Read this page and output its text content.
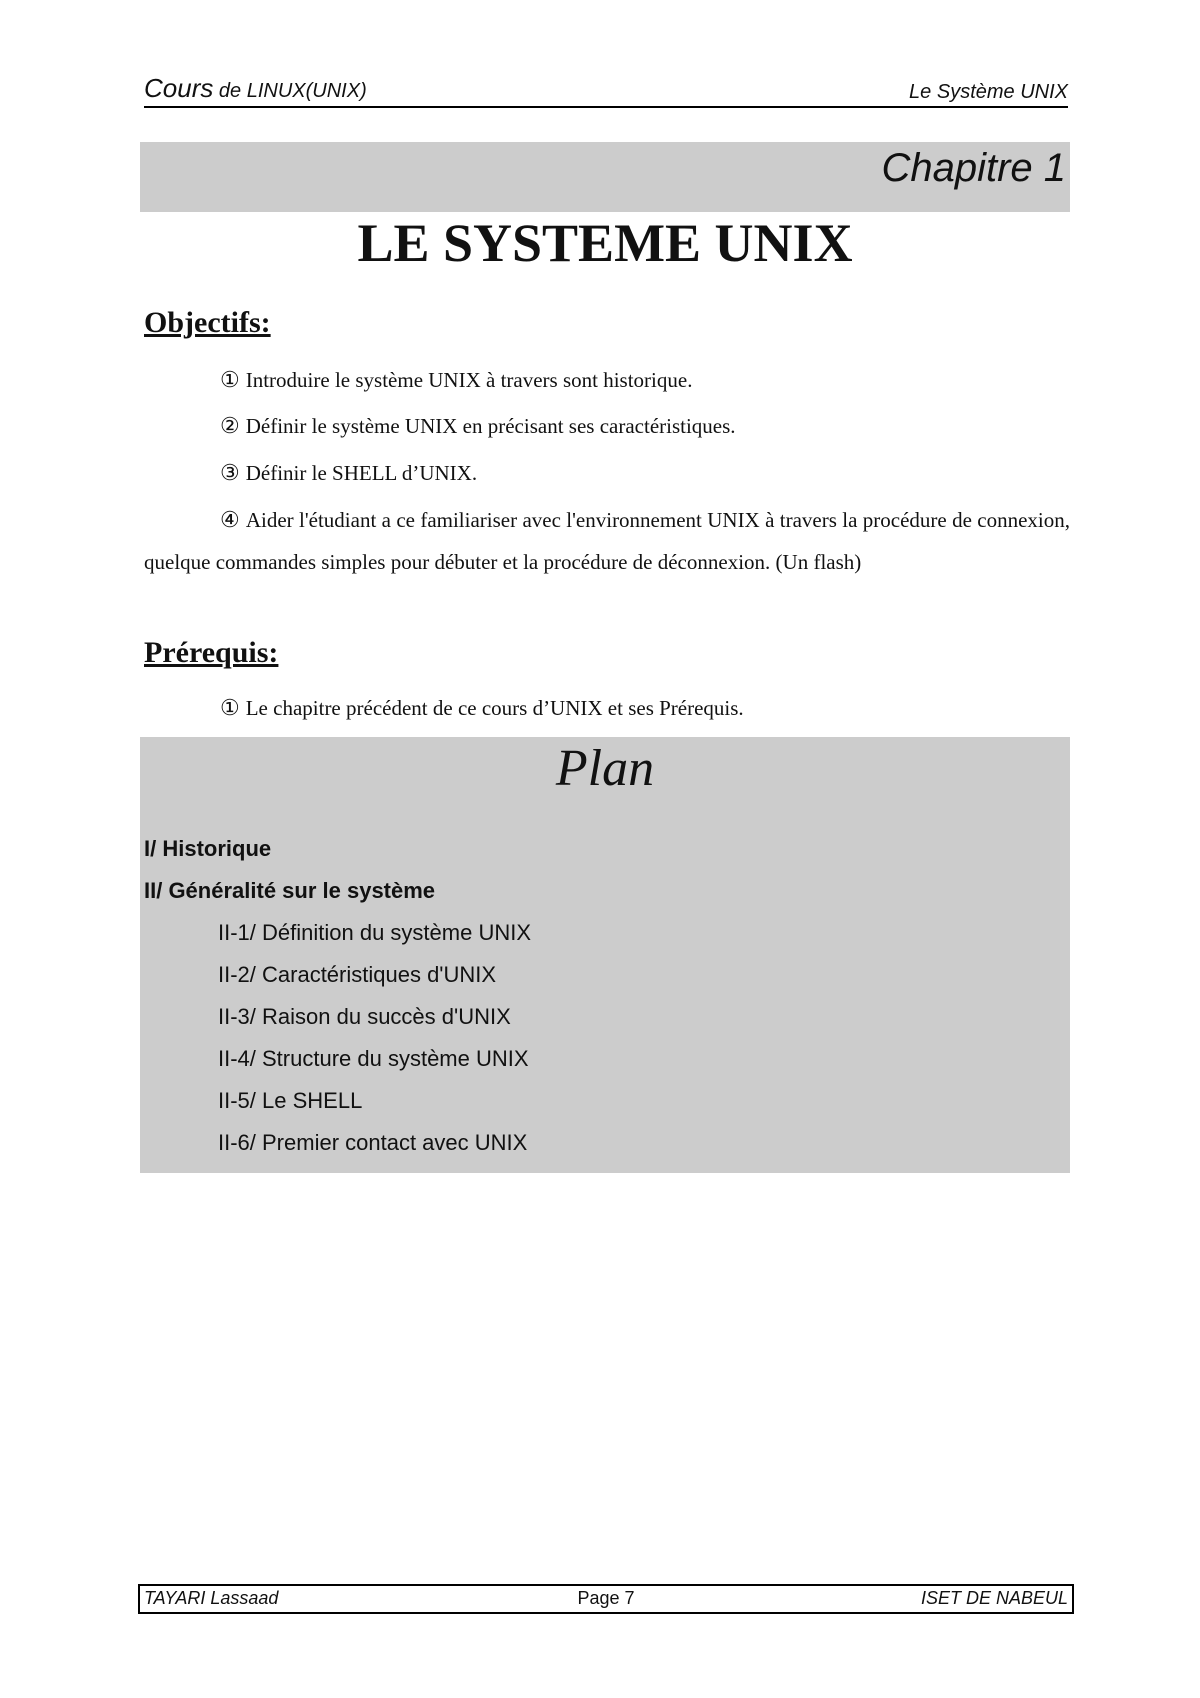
Cours de LINUX(UNIX)	Le Système UNIX
Chapitre 1
LE SYSTEME UNIX
Objectifs:
① Introduire le système UNIX à travers sont historique.
② Définir le système UNIX en précisant ses caractéristiques.
③ Définir le SHELL d’UNIX.
④ Aider l'étudiant a ce familiariser avec l'environnement UNIX à travers la procédure de connexion, quelque commandes simples pour débuter et la procédure de déconnexion. (Un flash)
Prérequis:
① Le chapitre précédent de ce cours d’UNIX et ses Prérequis.
Plan
I/ Historique
II/ Généralité sur le système
II-1/ Définition du système UNIX
II-2/ Caractéristiques d'UNIX
II-3/ Raison du succès d'UNIX
II-4/ Structure du système UNIX
II-5/ Le SHELL
II-6/ Premier contact avec UNIX
TAYARI Lassaad	Page 7	ISET DE NABEUL
